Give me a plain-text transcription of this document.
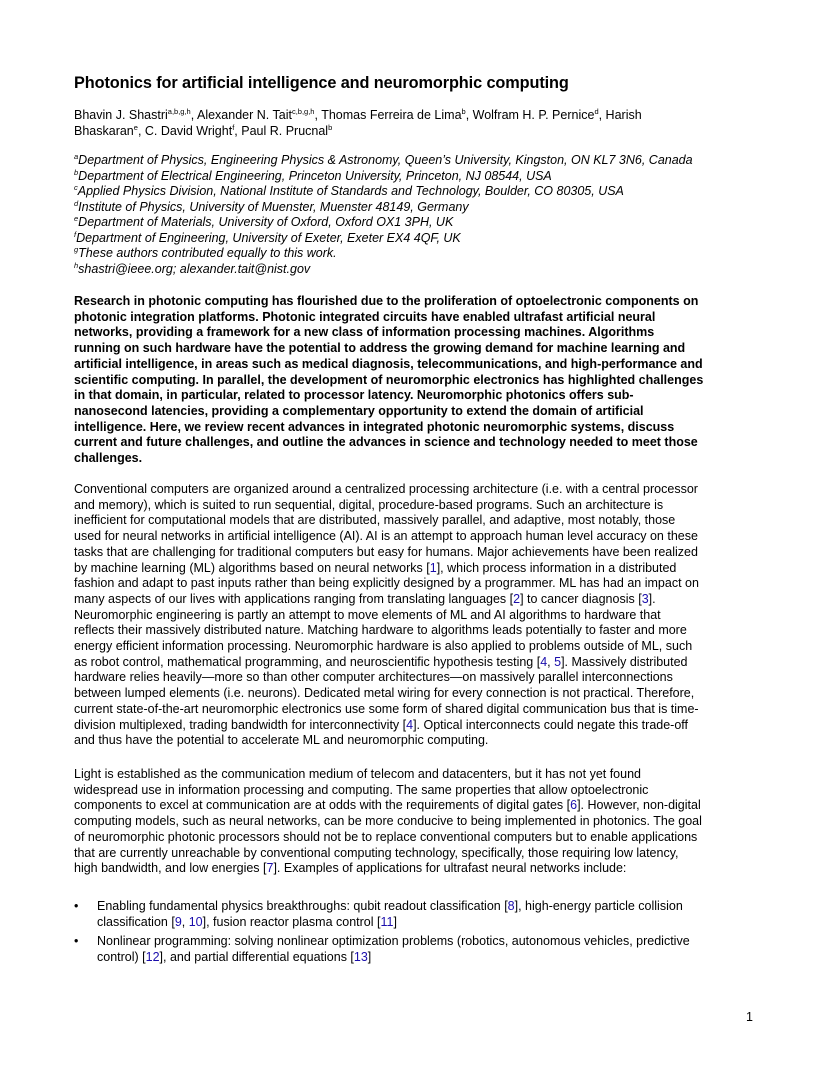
Photonics for artificial intelligence and neuromorphic computing
Bhavin J. Shastri$^{a,b,g,h}$, Alexander N. Tait$^{c,b,g,h}$, Thomas Ferreira de Lima$^b$, Wolfram H. P. Pernice$^d$, Harish
Bhaskaran$^e$, C. David Wright$^f$, Paul R. Prucnal$^b$
$^a$Department of Physics, Engineering Physics & Astronomy, Queen’s University, Kingston, ON KL7 3N6, Canada
$^b$Department of Electrical Engineering, Princeton University, Princeton, NJ 08544, USA
$^c$Applied Physics Division, National Institute of Standards and Technology, Boulder, CO 80305, USA
$^d$Institute of Physics, University of Muenster, Muenster 48149, Germany
$^e$Department of Materials, University of Oxford, Oxford OX1 3PH, UK
$^f$Department of Engineering, University of Exeter, Exeter EX4 4QF, UK
$^g$These authors contributed equally to this work.
$^h$shastri@ieee.org; alexander.tait@nist.gov
Research in photonic computing has flourished due to the proliferation of optoelectronic components on
photonic integration platforms. Photonic integrated circuits have enabled ultrafast artificial neural
networks, providing a framework for a new class of information processing machines. Algorithms
running on such hardware have the potential to address the growing demand for machine learning and
artificial intelligence, in areas such as medical diagnosis, telecommunications, and high-performance and
scientific computing. In parallel, the development of neuromorphic electronics has highlighted challenges
in that domain, in particular, related to processor latency. Neuromorphic photonics offers sub-
nanosecond latencies, providing a complementary opportunity to extend the domain of artificial
intelligence. Here, we review recent advances in integrated photonic neuromorphic systems, discuss
current and future challenges, and outline the advances in science and technology needed to meet those
challenges.
Conventional computers are organized around a centralized processing architecture (i.e. with a central processor
and memory), which is suited to run sequential, digital, procedure-based programs. Such an architecture is
inefficient for computational models that are distributed, massively parallel, and adaptive, most notably, those
used for neural networks in artificial intelligence (AI). AI is an attempt to approach human level accuracy on these
tasks that are challenging for traditional computers but easy for humans. Major achievements have been realized
by machine learning (ML) algorithms based on neural networks [1], which process information in a distributed
fashion and adapt to past inputs rather than being explicitly designed by a programmer. ML has had an impact on
many aspects of our lives with applications ranging from translating languages [2] to cancer diagnosis [3].
Neuromorphic engineering is partly an attempt to move elements of ML and AI algorithms to hardware that
reflects their massively distributed nature. Matching hardware to algorithms leads potentially to faster and more
energy efficient information processing. Neuromorphic hardware is also applied to problems outside of ML, such
as robot control, mathematical programming, and neuroscientific hypothesis testing [4, 5]. Massively distributed
hardware relies heavily—more so than other computer architectures—on massively parallel interconnections
between lumped elements (i.e. neurons). Dedicated metal wiring for every connection is not practical. Therefore,
current state-of-the-art neuromorphic electronics use some form of shared digital communication bus that is time-
division multiplexed, trading bandwidth for interconnectivity [4]. Optical interconnects could negate this trade-off
and thus have the potential to accelerate ML and neuromorphic computing.
Light is established as the communication medium of telecom and datacenters, but it has not yet found
widespread use in information processing and computing. The same properties that allow optoelectronic
components to excel at communication are at odds with the requirements of digital gates [6]. However, non-digital
computing models, such as neural networks, can be more conducive to being implemented in photonics. The goal
of neuromorphic photonic processors should not be to replace conventional computers but to enable applications
that are currently unreachable by conventional computing technology, specifically, those requiring low latency,
high bandwidth, and low energies [7]. Examples of applications for ultrafast neural networks include:
• Enabling fundamental physics breakthroughs: qubit readout classification [8], high-energy particle collision
classification [9, 10], fusion reactor plasma control [11]
• Nonlinear programming: solving nonlinear optimization problems (robotics, autonomous vehicles, predictive
control) [12], and partial differential equations [13]
1
